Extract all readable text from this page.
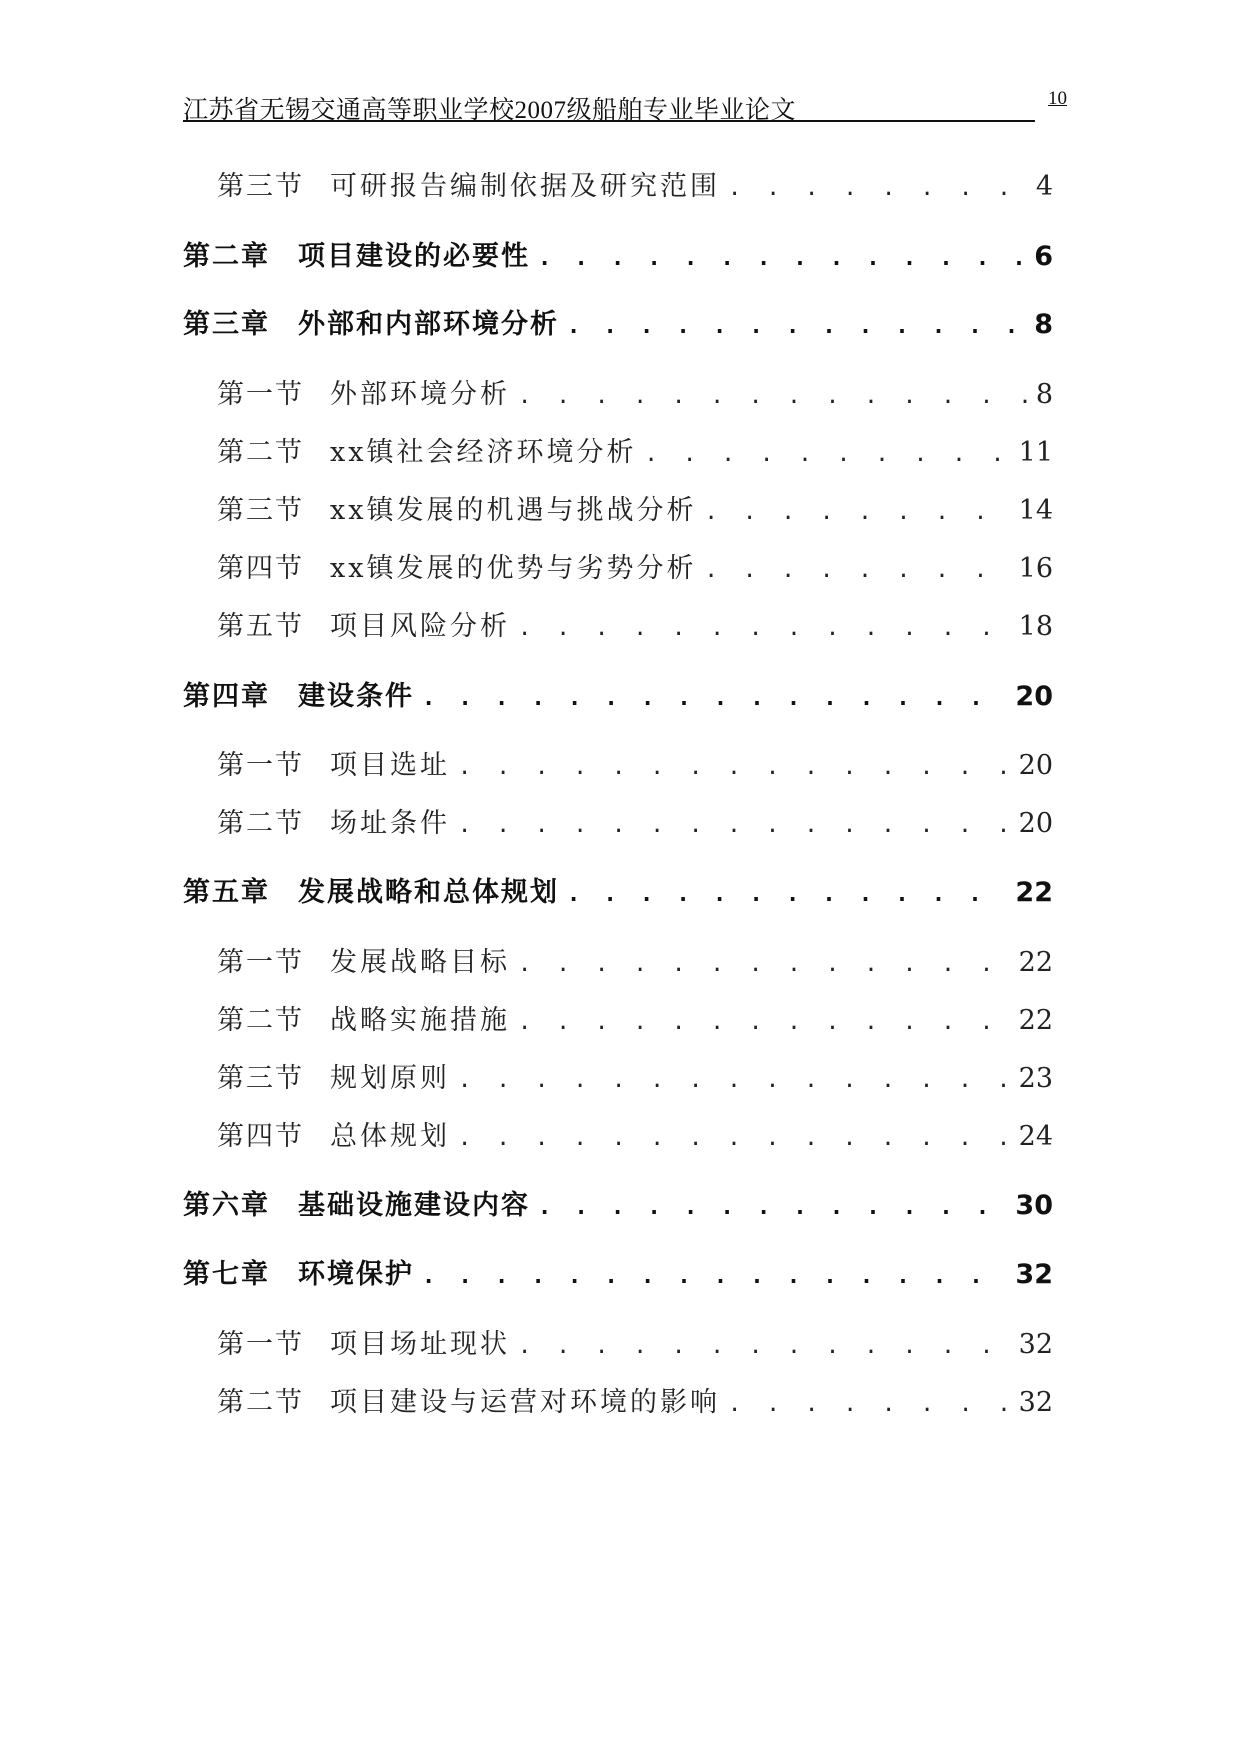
江苏省无锡交通高等职业学校2007级船舶专业毕业论文	10
第三节 可研报告编制依据及研究范围 . . .	4
第二章 项目建设的必要性 . . .	6
第三章 外部和内部环境分析 . . .	8
第一节 外部环境分析 . . .	8
第二节 xx镇社会经济环境分析 . . .	11
第三节 xx镇发展的机遇与挑战分析 . . .	14
第四节 xx镇发展的优势与劣势分析 . . .	16
第五节 项目风险分析 . . .	18
第四章 建设条件 . . .	20
第一节 项目选址 . . .	20
第二节 场址条件 . . .	20
第五章 发展战略和总体规划 . . .	22
第一节 发展战略目标 . . .	22
第二节 战略实施措施 . . .	22
第三节 规划原则 . . .	23
第四节 总体规划 . . .	24
第六章 基础设施建设内容 . . .	30
第七章 环境保护 . . .	32
第一节 项目场址现状 . . .	32
第二节 项目建设与运营对环境的影响 . . .	32
